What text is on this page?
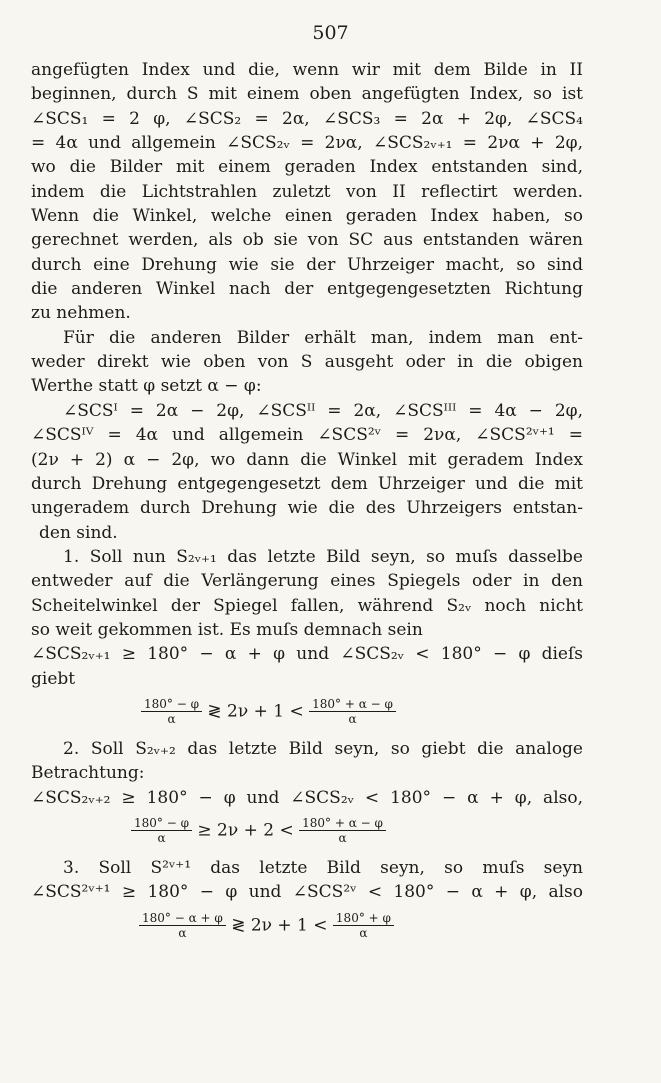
507
angefügten Index und die, wenn wir mit dem Bilde in II
beginnen, durch S mit einem oben angefügten Index, so ist
∠SCS₁ = 2 φ, ∠SCS₂ = 2α, ∠SCS₃ = 2α + 2φ, ∠SCS₄
= 4α und allgemein ∠SCS₂ᵥ = 2να, ∠SCS₂ᵥ₊₁ = 2να + 2φ,
wo die Bilder mit einem geraden Index entstanden sind,
indem die Lichtstrahlen zuletzt von II reflectirt werden.
Wenn die Winkel, welche einen geraden Index haben, so
gerechnet werden, als ob sie von SC aus entstanden wären
durch eine Drehung wie sie der Uhrzeiger macht, so sind
die anderen Winkel nach der entgegengesetzten Richtung
zu nehmen.
Für die anderen Bilder erhält man, indem man ent-
weder direkt wie oben von S ausgeht oder in die obigen
Werthe statt φ setzt α − φ:
∠SCSᴵ = 2α − 2φ, ∠SCSᴵᴵ = 2α, ∠SCSᴵᴵᴵ = 4α − 2φ,
∠SCSᴵⱽ = 4α und allgemein ∠SCS²ᵛ = 2να, ∠SCS²ᵛ⁺¹ =
(2ν + 2) α − 2φ, wo dann die Winkel mit geradem Index
durch Drehung entgegengesetzt dem Uhrzeiger und die mit
ungeradem durch Drehung wie die des Uhrzeigers entstan-
den sind.
1. Soll nun S₂ᵥ₊₁ das letzte Bild seyn, so muſs dasselbe
entweder auf die Verlängerung eines Spiegels oder in den
Scheitelwinkel der Spiegel fallen, während S₂ᵥ noch nicht
so weit gekommen ist. Es muſs demnach sein
∠SCS₂ᵥ₊₁ ≥ 180° − α + φ und ∠SCS₂ᵥ < 180° − φ dieſs
giebt
$\frac{180^\circ - \varphi}{\alpha}$ ≷ $2\nu + 1 < \frac{180^\circ + \alpha - \varphi}{\alpha}$
2. Soll S₂ᵥ₊₂ das letzte Bild seyn, so giebt die analoge
Betrachtung:
∠SCS₂ᵥ₊₂ ≥ 180° − φ und ∠SCS₂ᵥ < 180° − α + φ, also,
$\frac{180^\circ - \varphi}{\alpha} \ge 2\nu + 2 < \frac{180^\circ + \alpha - \varphi}{\alpha}$
3. Soll S²ᵛ⁺¹ das letzte Bild seyn, so muſs seyn
∠SCS²ᵛ⁺¹ ≥ 180° − φ und ∠SCS²ᵛ < 180° − α + φ, also
$\frac{180^\circ - \alpha + \varphi}{\alpha}$ ≷ $2\nu + 1 < \frac{180^\circ + \varphi}{\alpha}$
